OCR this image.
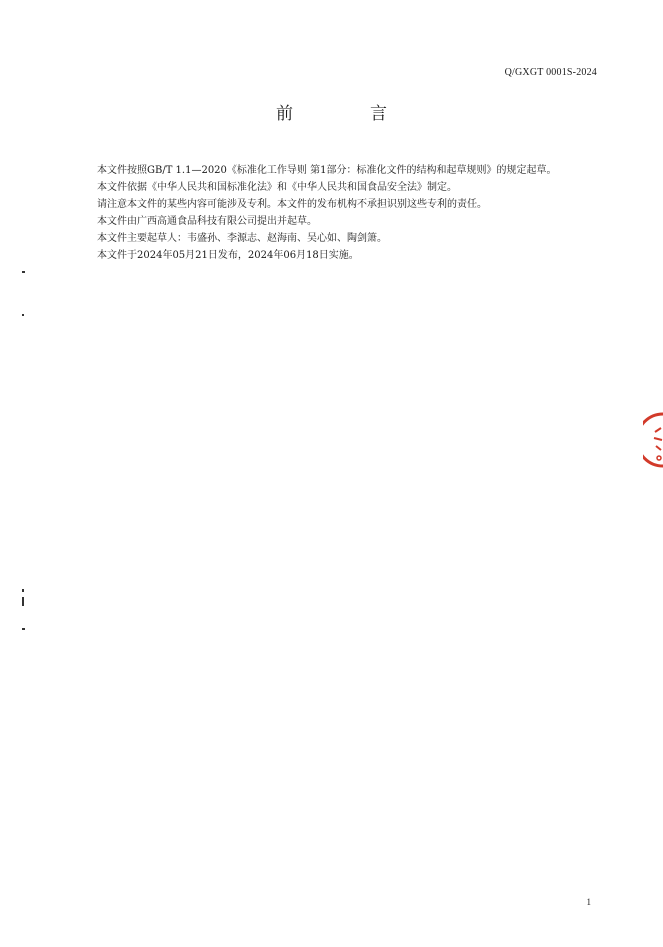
Q/GXGT 0001S-2024
前　言

本文件按照GB/T 1.1—2020《标准化工作导则 第1部分：标准化文件的结构和起草规则》的规定起草。

本文件依据《中华人民共和国标准化法》和《中华人民共和国食品安全法》制定。

请注意本文件的某些内容可能涉及专利。本文件的发布机构不承担识别这些专利的责任。

本文件由广西高通食品科技有限公司提出并起草。

本文件主要起草人：韦盛孙、李源志、赵海南、吴心如、陶剑箫。

本文件于2024年05月21日发布，2024年06月18日实施。

1
